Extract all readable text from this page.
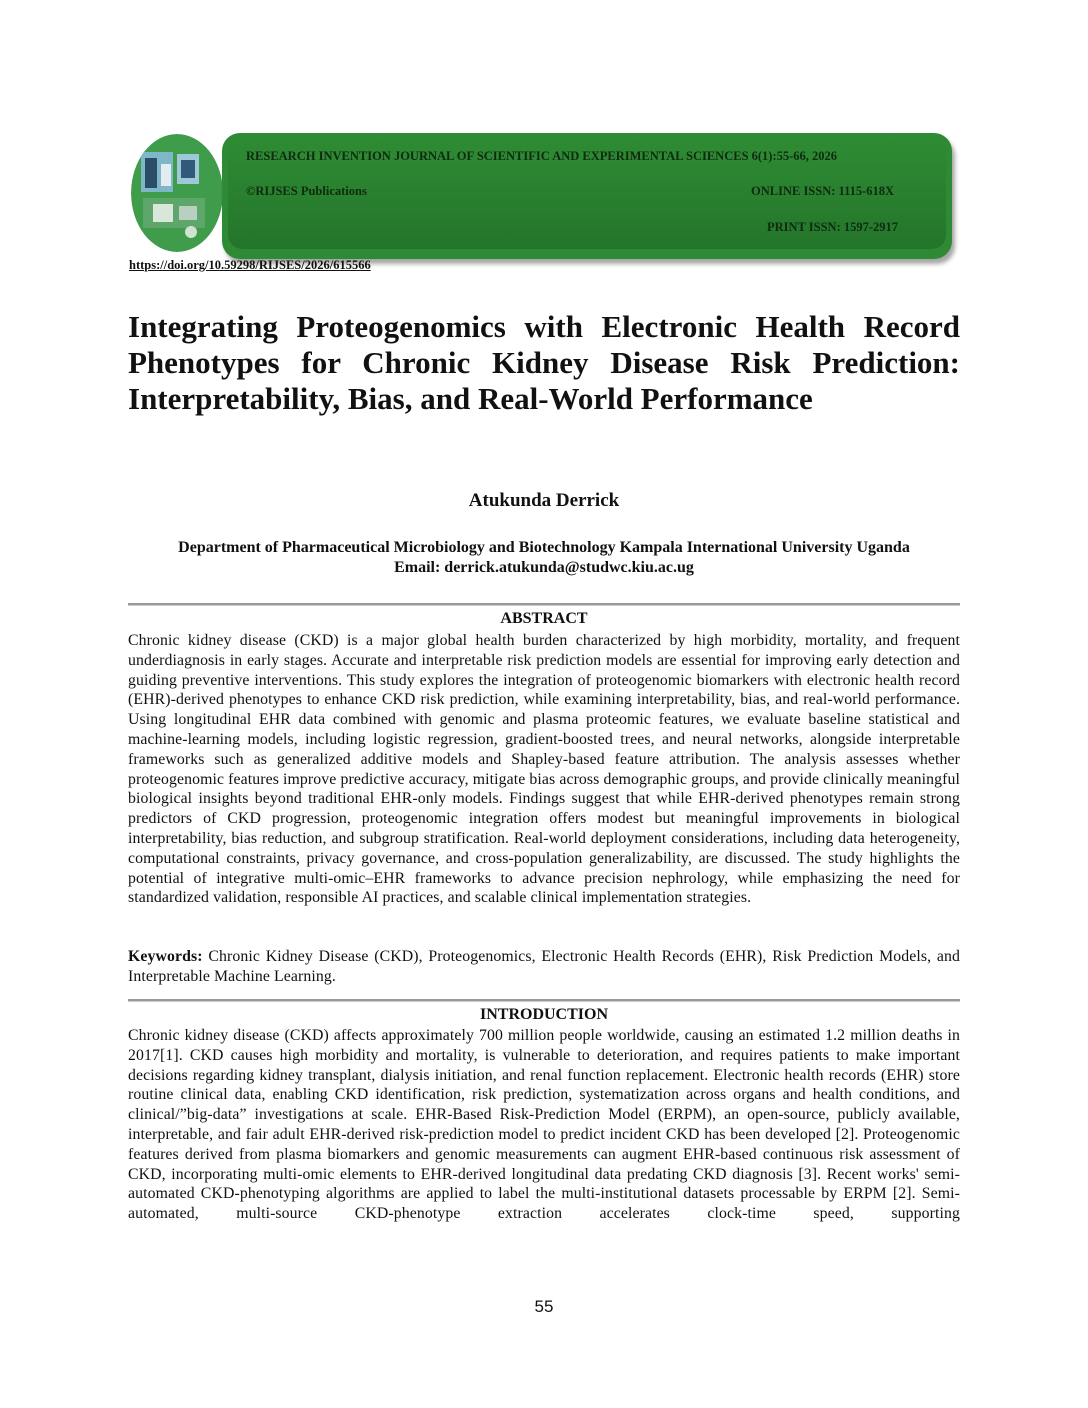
RESEARCH INVENTION JOURNAL OF SCIENTIFIC AND EXPERIMENTAL SCIENCES 6(1):55-66, 2026
©RIJSES Publications	ONLINE ISSN: 1115-618X
PRINT ISSN: 1597-2917
https://doi.org/10.59298/RIJSES/2026/615566
Integrating Proteogenomics with Electronic Health Record Phenotypes for Chronic Kidney Disease Risk Prediction: Interpretability, Bias, and Real-World Performance
Atukunda Derrick
Department of Pharmaceutical Microbiology and Biotechnology Kampala International University Uganda
Email: derrick.atukunda@studwc.kiu.ac.ug
ABSTRACT
Chronic kidney disease (CKD) is a major global health burden characterized by high morbidity, mortality, and frequent underdiagnosis in early stages. Accurate and interpretable risk prediction models are essential for improving early detection and guiding preventive interventions. This study explores the integration of proteogenomic biomarkers with electronic health record (EHR)-derived phenotypes to enhance CKD risk prediction, while examining interpretability, bias, and real-world performance. Using longitudinal EHR data combined with genomic and plasma proteomic features, we evaluate baseline statistical and machine-learning models, including logistic regression, gradient-boosted trees, and neural networks, alongside interpretable frameworks such as generalized additive models and Shapley-based feature attribution. The analysis assesses whether proteogenomic features improve predictive accuracy, mitigate bias across demographic groups, and provide clinically meaningful biological insights beyond traditional EHR-only models. Findings suggest that while EHR-derived phenotypes remain strong predictors of CKD progression, proteogenomic integration offers modest but meaningful improvements in biological interpretability, bias reduction, and subgroup stratification. Real-world deployment considerations, including data heterogeneity, computational constraints, privacy governance, and cross-population generalizability, are discussed. The study highlights the potential of integrative multi-omic–EHR frameworks to advance precision nephrology, while emphasizing the need for standardized validation, responsible AI practices, and scalable clinical implementation strategies.
Keywords: Chronic Kidney Disease (CKD), Proteogenomics, Electronic Health Records (EHR), Risk Prediction Models, and Interpretable Machine Learning.
INTRODUCTION
Chronic kidney disease (CKD) affects approximately 700 million people worldwide, causing an estimated 1.2 million deaths in 2017[1]. CKD causes high morbidity and mortality, is vulnerable to deterioration, and requires patients to make important decisions regarding kidney transplant, dialysis initiation, and renal function replacement. Electronic health records (EHR) store routine clinical data, enabling CKD identification, risk prediction, systematization across organs and health conditions, and clinical/”big-data” investigations at scale. EHR-Based Risk-Prediction Model (ERPM), an open-source, publicly available, interpretable, and fair adult EHR-derived risk-prediction model to predict incident CKD has been developed [2]. Proteogenomic features derived from plasma biomarkers and genomic measurements can augment EHR-based continuous risk assessment of CKD, incorporating multi-omic elements to EHR-derived longitudinal data predating CKD diagnosis [3]. Recent works' semi-automated CKD-phenotyping algorithms are applied to label the multi-institutional datasets processable by ERPM [2]. Semi-automated, multi-source CKD-phenotype extraction accelerates clock-time speed, supporting
55
